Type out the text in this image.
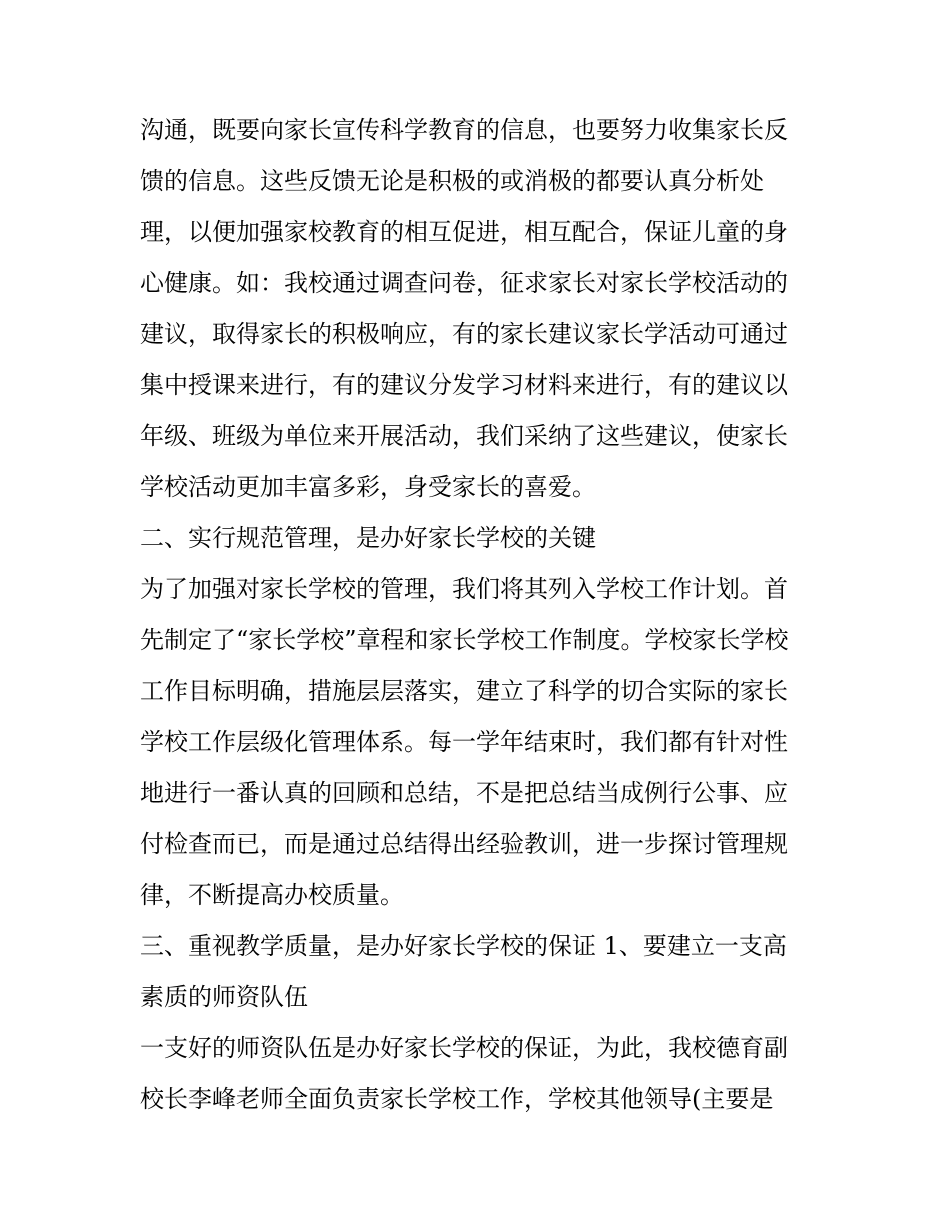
沟通，既要向家长宣传科学教育的信息，也要努力收集家长反
馈的信息。这些反馈无论是积极的或消极的都要认真分析处
理，以便加强家校教育的相互促进，相互配合，保证儿童的身
心健康。如：我校通过调查问卷，征求家长对家长学校活动的
建议，取得家长的积极响应，有的家长建议家长学活动可通过
集中授课来进行，有的建议分发学习材料来进行，有的建议以
年级、班级为单位来开展活动，我们采纳了这些建议，使家长
学校活动更加丰富多彩，身受家长的喜爱。
二、实行规范管理，是办好家长学校的关键
为了加强对家长学校的管理，我们将其列入学校工作计划。首
先制定了“家长学校”章程和家长学校工作制度。学校家长学校
工作目标明确，措施层层落实，建立了科学的切合实际的家长
学校工作层级化管理体系。每一学年结束时，我们都有针对性
地进行一番认真的回顾和总结，不是把总结当成例行公事、应
付检查而已，而是通过总结得出经验教训，进一步探讨管理规
律，不断提高办校质量。
三、重视教学质量，是办好家长学校的保证 1、要建立一支高
素质的师资队伍
一支好的师资队伍是办好家长学校的保证，为此，我校德育副
校长李峰老师全面负责家长学校工作，学校其他领导(主要是
